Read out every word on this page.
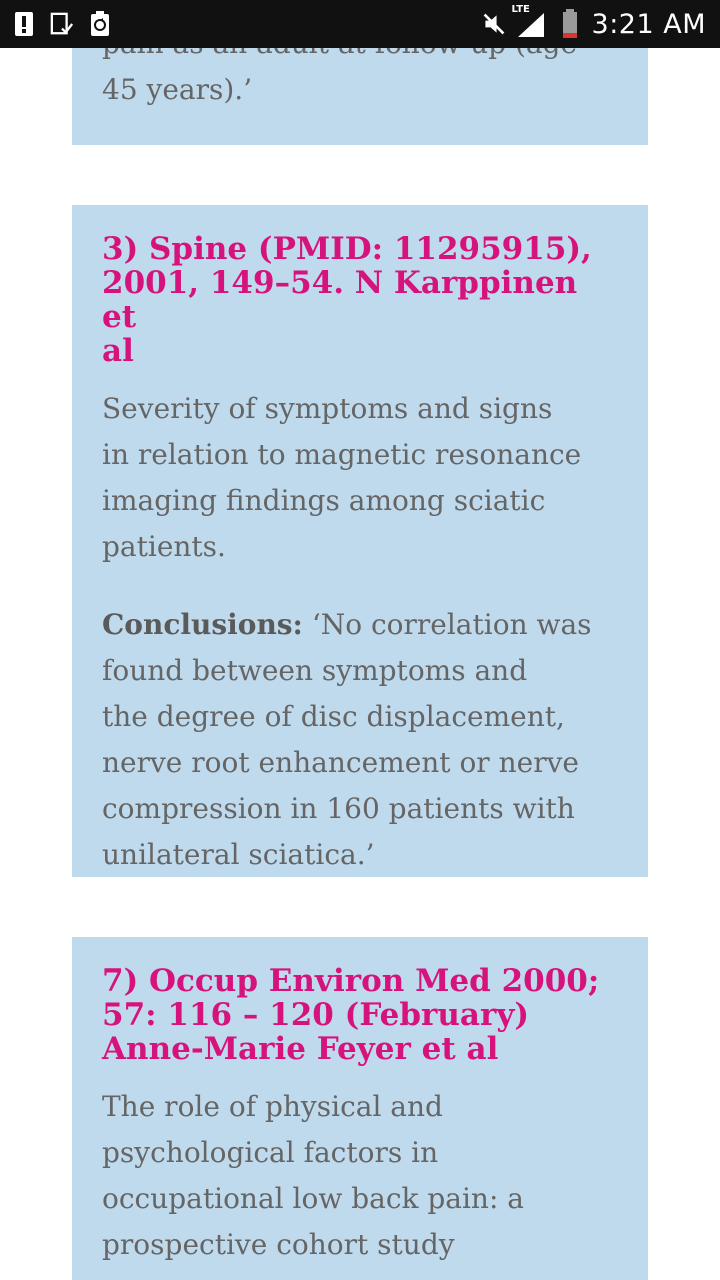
LTE 3:21 AM

45 years).’

3) Spine (PMID: 11295915),
2001, 149–54. N Karppinen et
al

Severity of symptoms and signs
in relation to magnetic resonance
imaging findings among sciatic
patients.

Conclusions: ‘No correlation was
found between symptoms and
the degree of disc displacement,
nerve root enhancement or nerve
compression in 160 patients with
unilateral sciatica.’

7) Occup Environ Med 2000;
57: 116 – 120 (February)
Anne-Marie Feyer et al

The role of physical and
psychological factors in
occupational low back pain: a
prospective cohort study
